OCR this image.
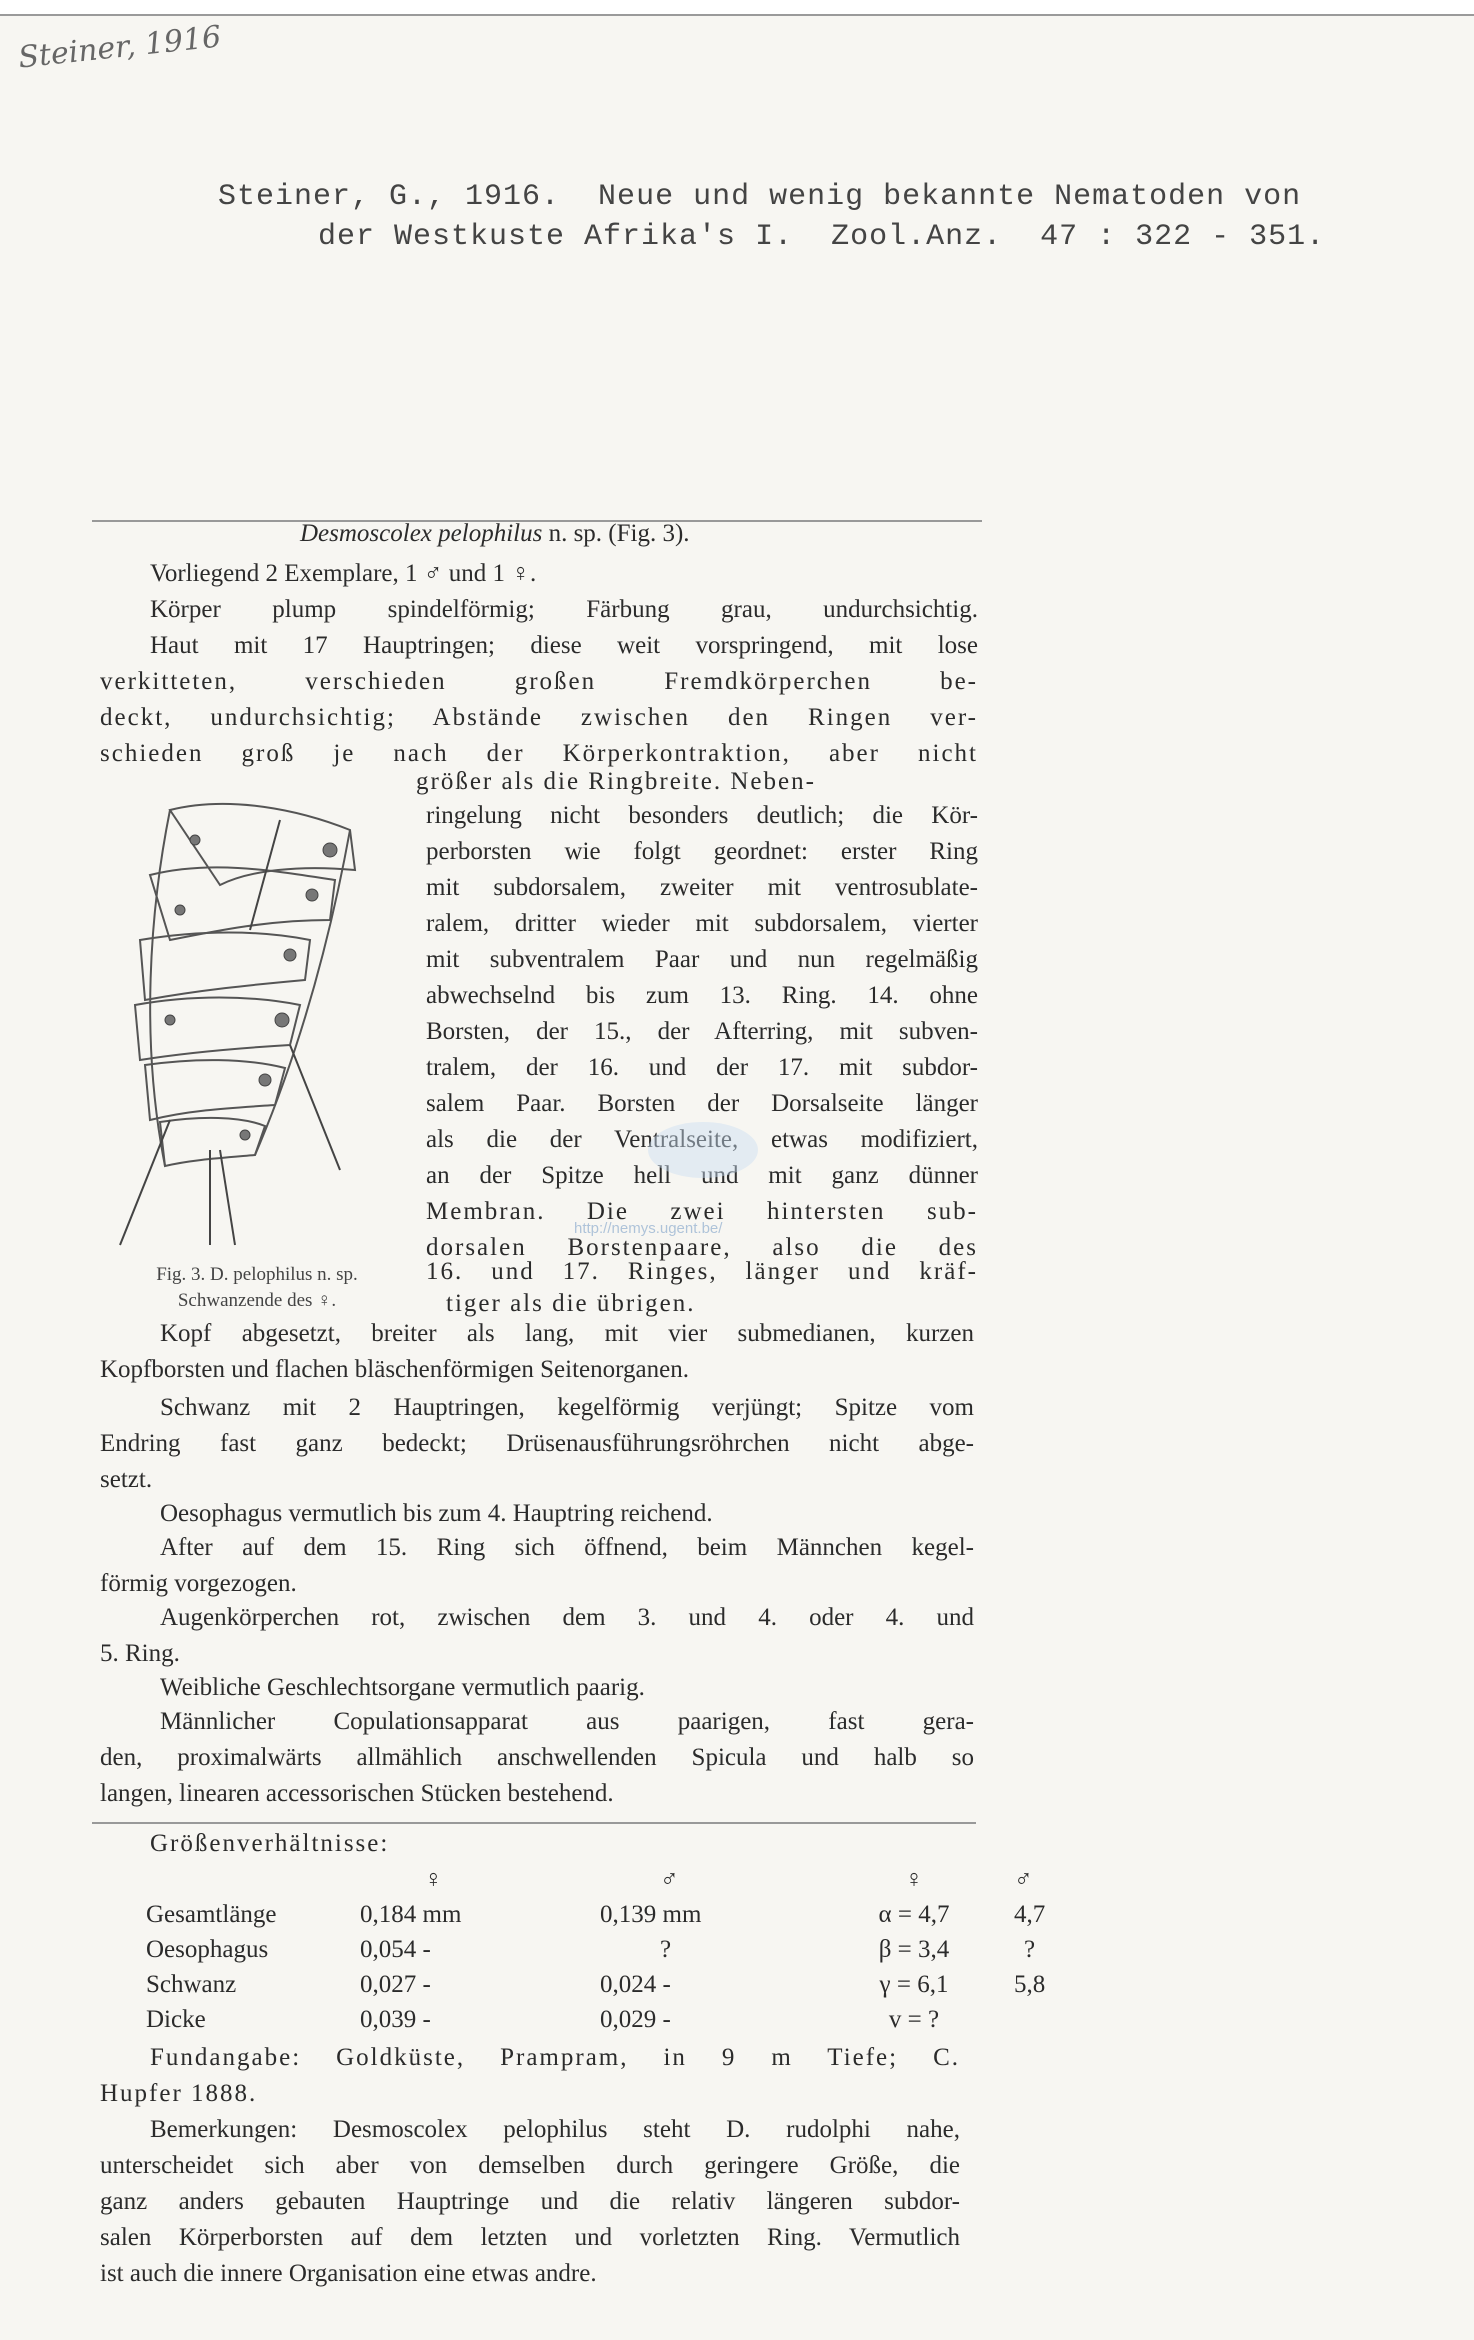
Steiner, 1916
Steiner, G., 1916.  Neue und wenig bekannte Nematoden von
der Westkuste Afrika's I.  Zool.Anz.  47 : 322 - 351.
Desmoscolex pelophilus n. sp. (Fig. 3).
Vorliegend 2 Exemplare, 1 ♂ und 1 ♀.
Körper plump spindelförmig; Färbung grau, undurchsichtig.
Haut mit 17 Hauptringen; diese weit vorspringend, mit lose
verkitteten, verschieden großen Fremdkörperchen be-
deckt, undurchsichtig; Abstände zwischen den Ringen ver-
schieden groß je nach der Körperkontraktion, aber nicht
Fig. 3. D. pelophilus n. sp.
Schwanzende des ♀.
größer als die Ringbreite. Neben-
ringelung nicht besonders deutlich; die Kör-
perborsten wie folgt geordnet: erster Ring
mit subdorsalem, zweiter mit ventrosublate-
ralem, dritter wieder mit subdorsalem, vierter
mit subventralem Paar und nun regelmäßig
abwechselnd bis zum 13. Ring. 14. ohne
Borsten, der 15., der Afterring, mit subven-
tralem, der 16. und der 17. mit subdor-
salem Paar. Borsten der Dorsalseite länger
als die der Ventralseite, etwas modifiziert,
an der Spitze hell und mit ganz dünner
Membran. Die zwei hintersten sub-
dorsalen Borstenpaare, also die des
16. und 17. Ringes, länger und kräf-
tiger als die übrigen.
http://nemys.ugent.be/
Kopf abgesetzt, breiter als lang, mit vier submedianen, kurzen
Kopfborsten und flachen bläschenförmigen Seitenorganen.
Schwanz mit 2 Hauptringen, kegelförmig verjüngt; Spitze vom
Endring fast ganz bedeckt; Drüsenausführungsröhrchen nicht abge-
setzt.
Oesophagus vermutlich bis zum 4. Hauptring reichend.
After auf dem 15. Ring sich öffnend, beim Männchen kegel-
förmig vorgezogen.
Augenkörperchen rot, zwischen dem 3. und 4. oder 4. und
5. Ring.
Weibliche Geschlechtsorgane vermutlich paarig.
Männlicher Copulationsapparat aus paarigen, fast gera-
den, proximalwärts allmählich anschwellenden Spicula und halb so
langen, linearen accessorischen Stücken bestehend.
Größenverhältnisse:
	♀	♂	♀	♂
Gesamtlänge	0,184 mm	0,139 mm	α = 4,7	4,7
Oesophagus	0,054 -	?	β = 3,4	?
Schwanz	0,027 -	0,024 -	γ = 6,1	5,8
Dicke	0,039 -	0,029 -	v = ?	
Fundangabe: Goldküste, Prampram, in 9 m Tiefe; C.
Hupfer 1888.
Bemerkungen: Desmoscolex pelophilus steht D. rudolphi nahe,
unterscheidet sich aber von demselben durch geringere Größe, die
ganz anders gebauten Hauptringe und die relativ längeren subdor-
salen Körperborsten auf dem letzten und vorletzten Ring. Vermutlich
ist auch die innere Organisation eine etwas andre.
